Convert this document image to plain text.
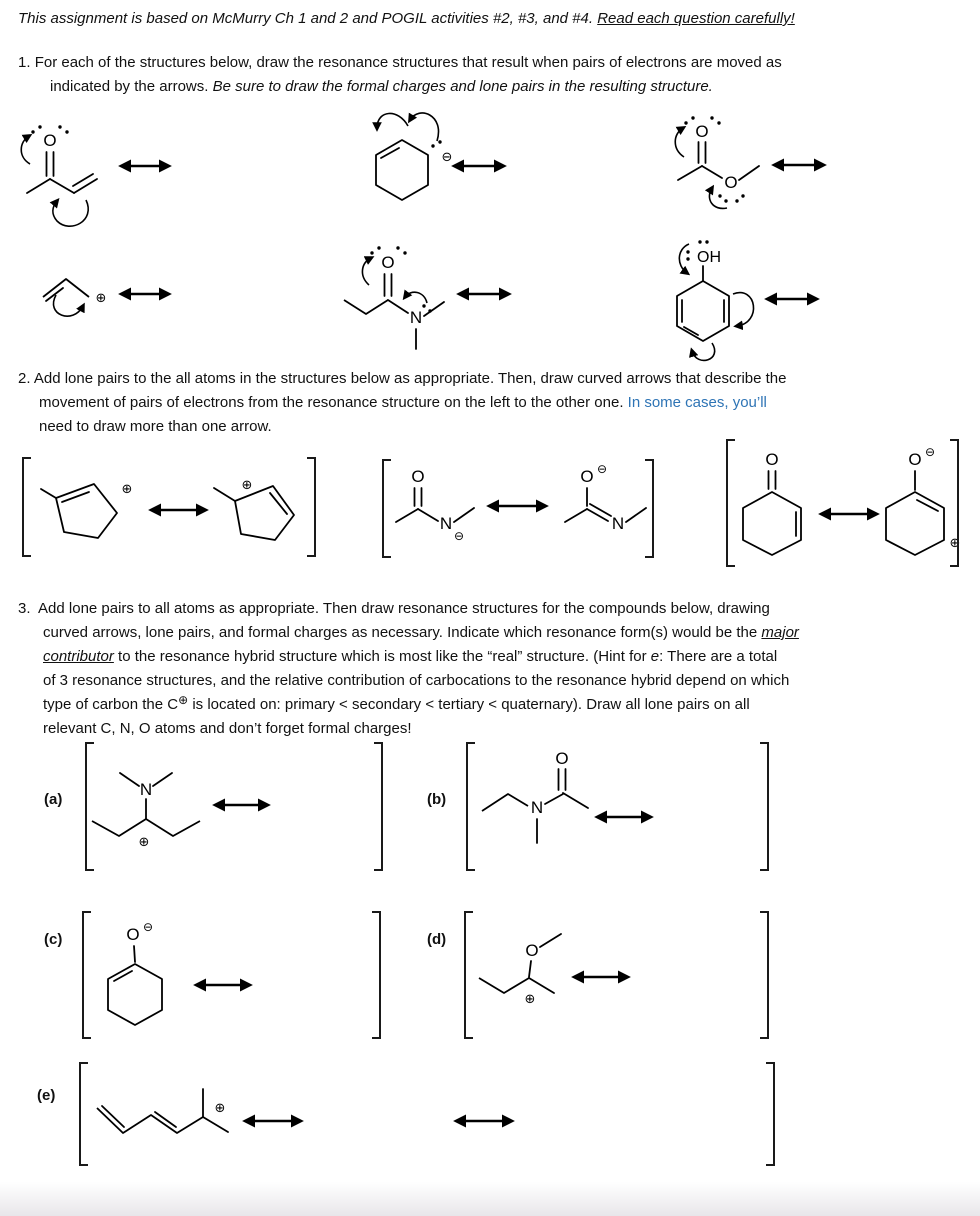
This assignment is based on McMurry Ch 1 and 2 and POGIL activities #2, #3, and #4. Read each question carefully!
1. For each of the structures below, draw the resonance structures that result when pairs of electrons are moved as
indicated by the arrows. Be sure to draw the formal charges and lone pairs in the resulting structure.
2. Add lone pairs to the all atoms in the structures below as appropriate. Then, draw curved arrows that describe the
movement of pairs of electrons from the resonance structure on the left to the other one. In some cases, you’ll
need to draw more than one arrow.
3.  Add lone pairs to all atoms as appropriate. Then draw resonance structures for the compounds below, drawing
curved arrows, lone pairs, and formal charges as necessary. Indicate which resonance form(s) would be the major
contributor to the resonance hybrid structure which is most like the “real” structure. (Hint for e: There are a total
of 3 resonance structures, and the relative contribution of carbocations to the resonance hybrid depend on which
type of carbon the C⊕ is located on: primary < secondary < tertiary < quaternary). Draw all lone pairs on all
relevant C, N, O atoms and don’t forget formal charges!
(a)	(b)
(c)	(d)
(e)
O
⊖
O
O
⊕
O
N
OH
⊕	⊕	O
N
⊖
O ⊖
N
O	O ⊖
⊕
N
⊕
N
O
O ⊖
O
⊕
⊕
